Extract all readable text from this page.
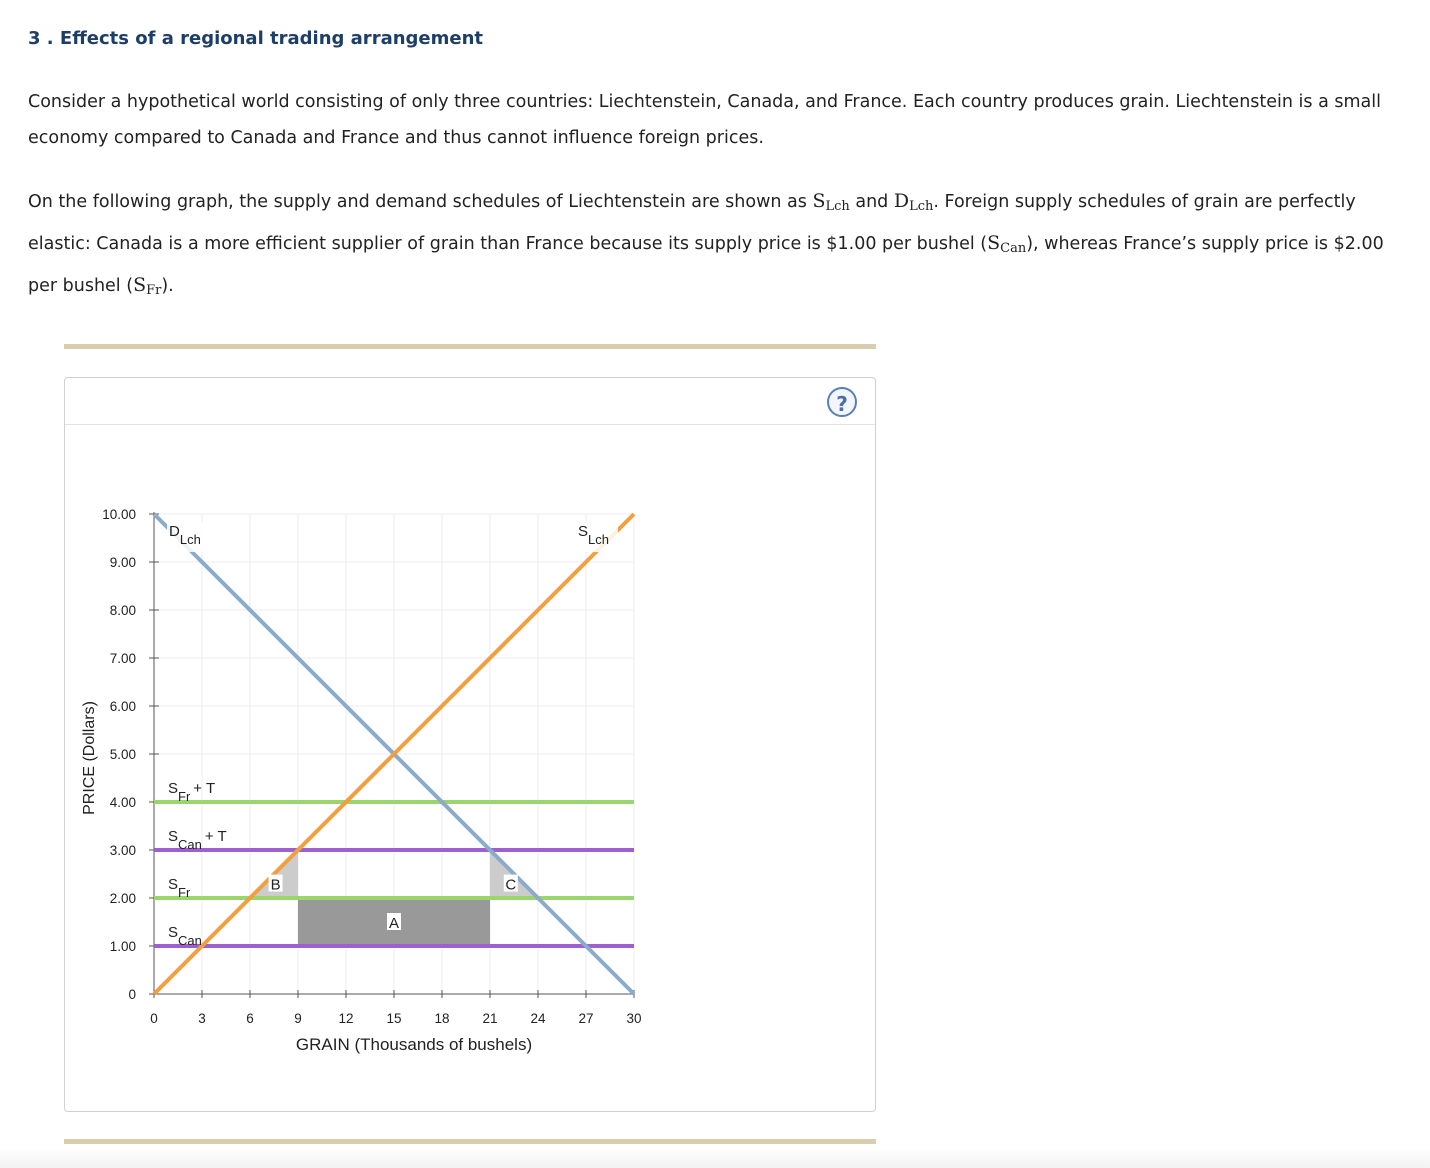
3 . Effects of a regional trading arrangement
Consider a hypothetical world consisting of only three countries: Liechtenstein, Canada, and France. Each country produces grain. Liechtenstein is a small economy compared to Canada and France and thus cannot influence foreign prices.
On the following graph, the supply and demand schedules of Liechtenstein are shown as $S_{Lch}$ and $D_{Lch}$. Foreign supply schedules of grain are perfectly elastic: Canada is a more efficient supplier of grain than France because its supply price is $1.00 per bushel $(S_{Can})$, whereas France’s supply price is $2.00 per bushel $(S_{Fr})$.
?
0	3	6	9	12 15 18 21 24 27 30
0
1.00
2.00
3.00
4.00
5.00
6.00
7.00
8.00
9.00
10.00
GRAIN (Thousands of bushels)
PRICE (Dollars)
A
B	C
DLch	SLch
SFr + T
SCan + T
SFr
SCan
